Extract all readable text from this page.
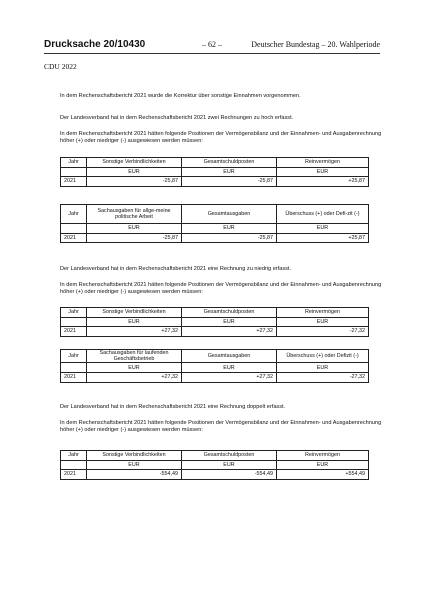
Drucksache 20/10430	– 62 –	Deutscher Bundestag – 20. Wahlperiode
CDU 2022
In dem Rechenschaftsbericht 2021 wurde die Korrektur über sonstige Einnahmen vorgenommen.
Der Landesverband hat in dem Rechenschaftsbericht 2021 zwei Rechnungen zu hoch erfasst.
In dem Rechenschaftsbericht 2021 hätten folgende Positionen der Vermögensbilanz und der Einnahmen- und Ausgabenrechnung höher (+) oder niedriger (-) ausgewiesen werden müssen:
Jahr	Sonstige Verbindlichkeiten	Gesamtschuldposten	Reinvermögen
	EUR	EUR	EUR
2021	-25,87	-25,87	+25,87
Jahr	Sachausgaben für allge-meine politische Arbeit	Gesamtausgaben	Überschuss (+) oder Defi-zit (-)
	EUR	EUR	EUR
2021	-25,87	-25,87	+25,87
Der Landesverband hat in dem Rechenschaftsbericht 2021 eine Rechnung zu niedrig erfasst.
In dem Rechenschaftsbericht 2021 hätten folgende Positionen der Vermögensbilanz und der Einnahmen- und Ausgabenrechnung höher (+) oder niedriger (-) ausgewiesen werden müssen:
Jahr	Sonstige Verbindlichkeiten	Gesamtschuldposten	Reinvermögen
	EUR	EUR	EUR
2021	+27,32	+27,32	-27,32
Jahr	Sachausgaben für laufenden Geschäftsbetrieb	Gesamtausgaben	Überschuss (+) oder Defizit (-)
	EUR	EUR	EUR
2021	+27,32	+27,32	-27,32
Der Landesverband hat in dem Rechenschaftsbericht 2021 eine Rechnung doppelt erfasst.
In dem Rechenschaftsbericht 2021 hätten folgende Positionen der Vermögensbilanz und der Einnahmen- und Ausgabenrechnung höher (+) oder niedriger (-) ausgewiesen werden müssen:
Jahr	Sonstige Verbindlichkeiten	Gesamtschuldposten	Reinvermögen
	EUR	EUR	EUR
2021	-554,49	-554,49	+554,49
